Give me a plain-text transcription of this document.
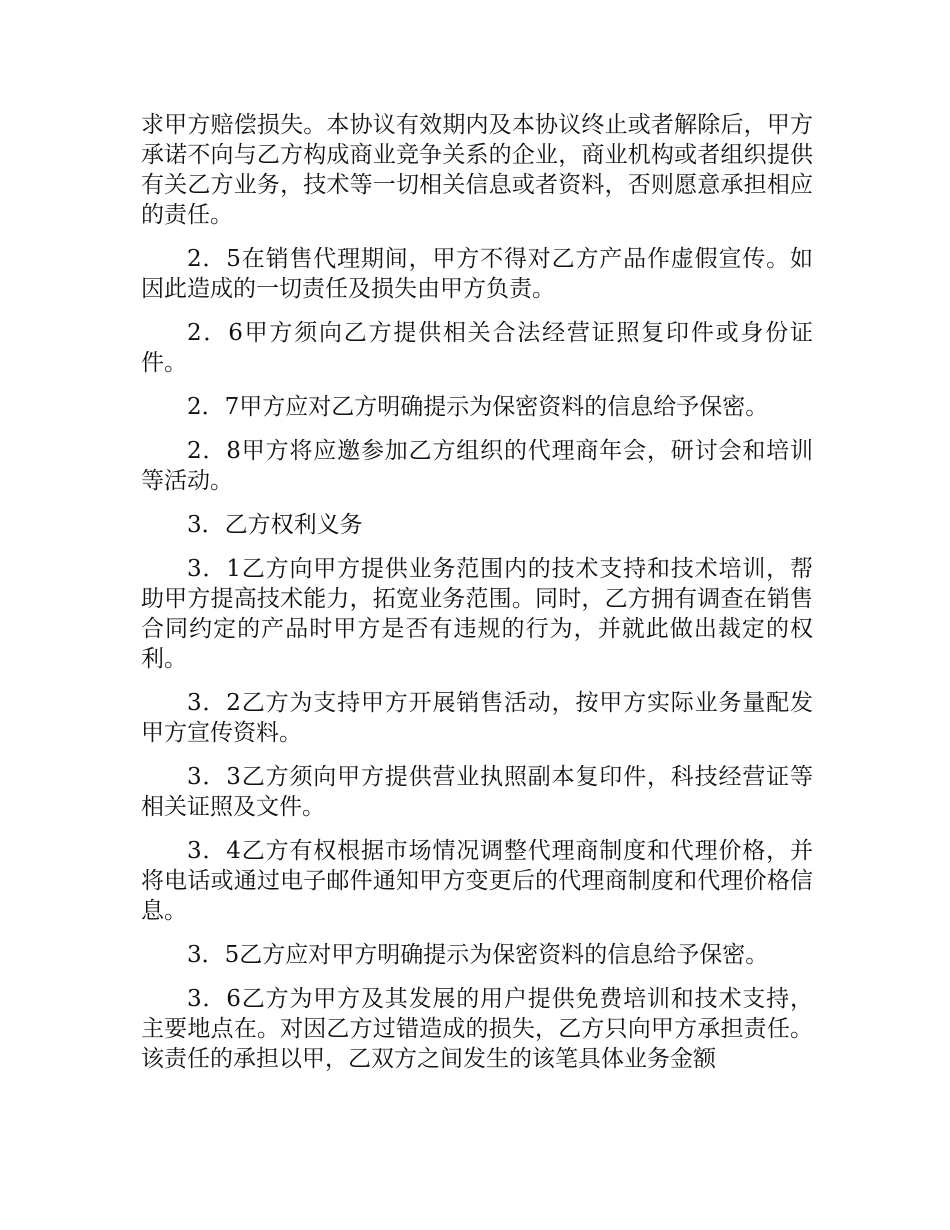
求甲方赔偿损失。本协议有效期内及本协议终止或者解除后，甲方承诺不向与乙方构成商业竞争关系的企业，商业机构或者组织提供有关乙方业务，技术等一切相关信息或者资料，否则愿意承担相应的责任。

2．5在销售代理期间，甲方不得对乙方产品作虚假宣传。如因此造成的一切责任及损失由甲方负责。

2．6甲方须向乙方提供相关合法经营证照复印件或身份证件。

2．7甲方应对乙方明确提示为保密资料的信息给予保密。

2．8甲方将应邀参加乙方组织的代理商年会，研讨会和培训等活动。

3．乙方权利义务

3．1乙方向甲方提供业务范围内的技术支持和技术培训，帮助甲方提高技术能力，拓宽业务范围。同时，乙方拥有调查在销售合同约定的产品时甲方是否有违规的行为，并就此做出裁定的权利。

3．2乙方为支持甲方开展销售活动，按甲方实际业务量配发甲方宣传资料。

3．3乙方须向甲方提供营业执照副本复印件，科技经营证等相关证照及文件。

3．4乙方有权根据市场情况调整代理商制度和代理价格，并将电话或通过电子邮件通知甲方变更后的代理商制度和代理价格信息。

3．5乙方应对甲方明确提示为保密资料的信息给予保密。

3．6乙方为甲方及其发展的用户提供免费培训和技术支持，主要地点在。对因乙方过错造成的损失，乙方只向甲方承担责任。该责任的承担以甲，乙双方之间发生的该笔具体业务金额
